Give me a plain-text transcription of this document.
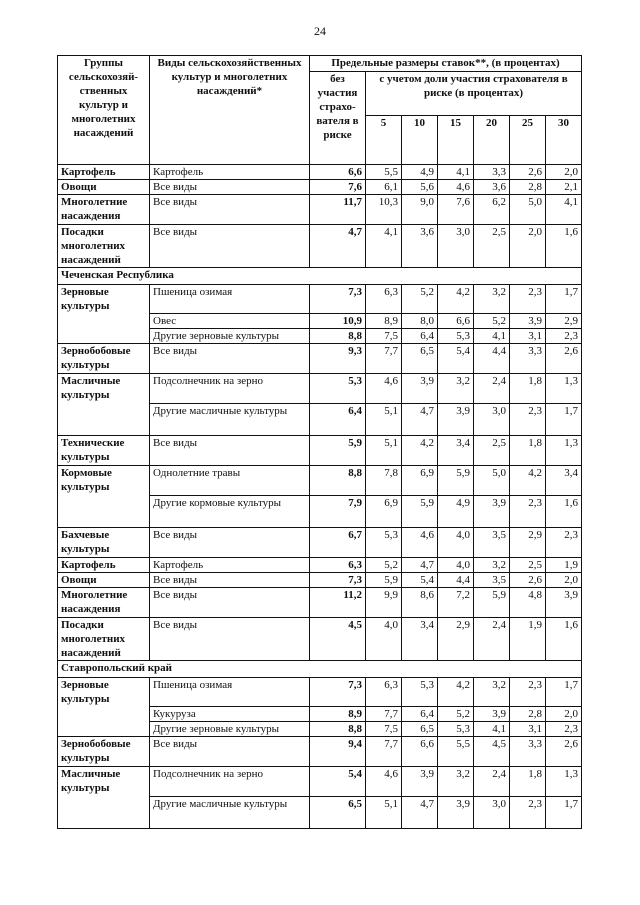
24
Группы сельскохозяй-ственных культур и многолетних насаждений	Виды сельскохозяйственных культур и многолетних насаждений*	Предельные размеры ставок**, (в процентах)						
		без участия страхо-вателя в риске	с учетом доли участия страхователя в риске (в процентах)					
			5	10	15	20	25	30
Картофель	Картофель	6,6	5,5	4,9	4,1	3,3	2,6	2,0
Овощи	Все виды	7,6	6,1	5,6	4,6	3,6	2,8	2,1
Многолетние насаждения	Все виды	11,7	10,3	9,0	7,6	6,2	5,0	4,1
Посадки многолетних насаждений	Все виды	4,7	4,1	3,6	3,0	2,5	2,0	1,6
Чеченская Республика								
Зерновые культуры	Пшеница озимая	7,3	6,3	5,2	4,2	3,2	2,3	1,7
	Овес	10,9	8,9	8,0	6,6	5,2	3,9	2,9
	Другие зерновые культуры	8,8	7,5	6,4	5,3	4,1	3,1	2,3
Зернобобовые культуры	Все виды	9,3	7,7	6,5	5,4	4,4	3,3	2,6
Масличные культуры	Подсолнечник на зерно	5,3	4,6	3,9	3,2	2,4	1,8	1,3
	Другие масличные культуры	6,4	5,1	4,7	3,9	3,0	2,3	1,7
Технические культуры	Все виды	5,9	5,1	4,2	3,4	2,5	1,8	1,3
Кормовые культуры	Однолетние травы	8,8	7,8	6,9	5,9	5,0	4,2	3,4
	Другие кормовые культуры	7,9	6,9	5,9	4,9	3,9	2,3	1,6
Бахчевые культуры	Все виды	6,7	5,3	4,6	4,0	3,5	2,9	2,3
Картофель	Картофель	6,3	5,2	4,7	4,0	3,2	2,5	1,9
Овощи	Все виды	7,3	5,9	5,4	4,4	3,5	2,6	2,0
Многолетние насаждения	Все виды	11,2	9,9	8,6	7,2	5,9	4,8	3,9
Посадки многолетних насаждений	Все виды	4,5	4,0	3,4	2,9	2,4	1,9	1,6
Ставропольский край								
Зерновые культуры	Пшеница озимая	7,3	6,3	5,3	4,2	3,2	2,3	1,7
	Кукуруза	8,9	7,7	6,4	5,2	3,9	2,8	2,0
	Другие зерновые культуры	8,8	7,5	6,5	5,3	4,1	3,1	2,3
Зернобобовые культуры	Все виды	9,4	7,7	6,6	5,5	4,5	3,3	2,6
Масличные культуры	Подсолнечник на зерно	5,4	4,6	3,9	3,2	2,4	1,8	1,3
	Другие масличные культуры	6,5	5,1	4,7	3,9	3,0	2,3	1,7
